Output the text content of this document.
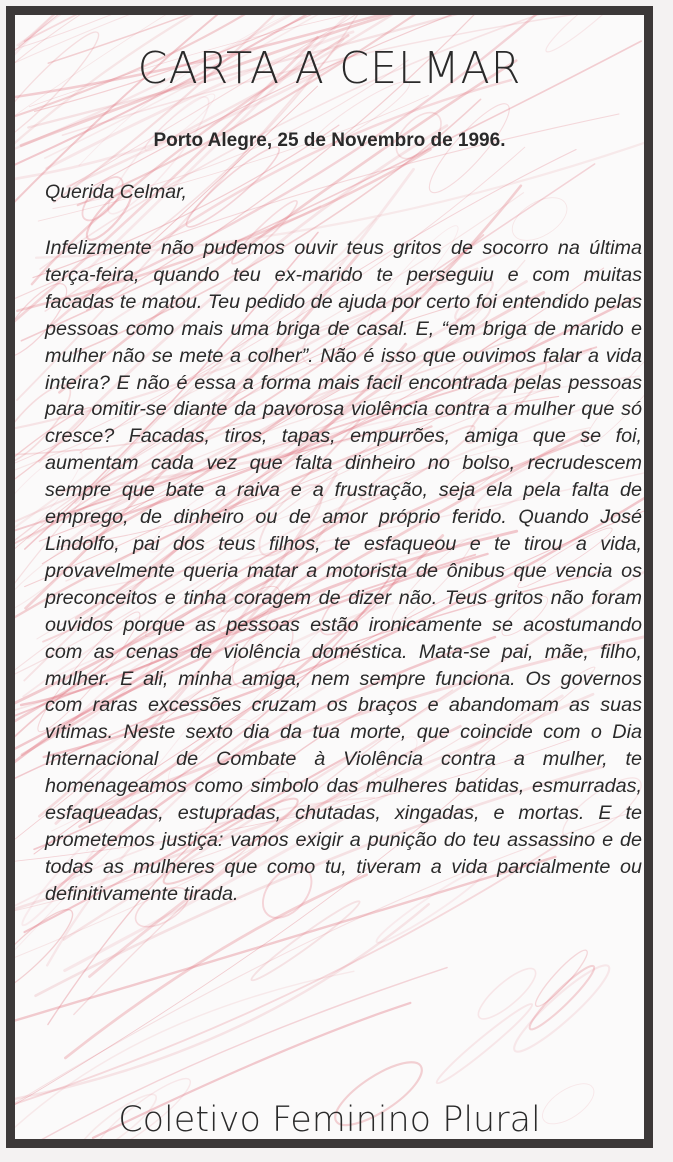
CARTA A CELMAR
Porto Alegre, 25 de Novembro de 1996.
Querida Celmar,
Infelizmente não pudemos ouvir teus gritos de socorro na última terça-feira, quando teu ex-marido te perseguiu e com muitas facadas te matou. Teu pedido de ajuda por certo foi entendido pelas pessoas como mais uma briga de casal. E, “em briga de marido e mulher não se mete a colher”. Não é isso que ouvimos falar a vida inteira? E não é essa a forma mais facil encontrada pelas pessoas para omitir-se diante da pavorosa violência contra a mulher que só cresce? Facadas, tiros, tapas, empurrões, amiga que se foi, aumentam cada vez que falta dinheiro no bolso, recrudescem sempre que bate a raiva e a frustração, seja ela pela falta de emprego, de dinheiro ou de amor próprio ferido. Quando José Lindolfo, pai dos teus filhos, te esfaqueou e te tirou a vida, provavelmente queria matar a motorista de ônibus que vencia os preconceitos e tinha coragem de dizer não. Teus gritos não foram ouvidos porque as pessoas estão ironicamente se acostumando com as cenas de violência doméstica. Mata-se pai, mãe, filho, mulher. E ali, minha amiga, nem sempre funciona. Os governos com raras excessões cruzam os braços e abandomam as suas vítimas. Neste sexto dia da tua morte, que coincide com o Dia Internacional de Combate à Violência contra a mulher, te homenageamos como simbolo das mulheres batidas, esmurradas, esfaqueadas, estupradas, chutadas, xingadas, e mortas. E te prometemos justiça: vamos exigir a punição do teu assassino e de todas as mulheres que como tu, tiveram a vida parcialmente ou definitivamente tirada.
Coletivo Feminino Plural
